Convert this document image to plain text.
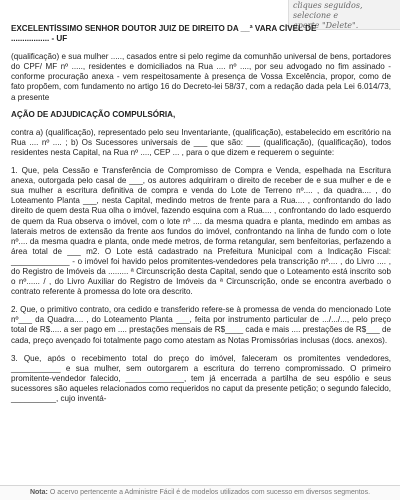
cliques seguidos, selecione e
aperte "Delete".

EXCELENTÍSSIMO SENHOR DOUTOR JUIZ DE DIREITO DA __ª VARA CÍVEL DE

................. - UF

(qualificação) e sua mulher ....., casados entre si pelo regime da comunhão universal de bens, portadores do CPF/ MF nº ....., residentes e domiciliados na Rua .... nº ...., por seu advogado no fim assinado - conforme procuração anexa - vem respeitosamente à presença de Vossa Excelência, propor, como de fato propõem, com fundamento no artigo 16 do Decreto-lei 58/37, com a redação dada pela Lei 6.014/73, a presente

AÇÃO DE ADJUDICAÇÃO COMPULSÓRIA,

contra a) (qualificação), representado pelo seu Inventariante, (qualificação), estabelecido em escritório na Rua .... nº .... ; b) Os Sucessores universais de ___ que são: ___ (qualificação), (qualificação), todos residentes nesta Capital, na Rua nº ...., CEP ... , para o que dizem e requerem o seguinte:

1. Que, pela Cessão e Transferência de Compromisso de Compra e Venda, espelhada na Escritura anexa, outorgada pelo casal de ___, os autores adquiriram o direito de receber de e sua mulher e de e sua mulher a escritura definitiva de compra e venda do Lote de Terreno nº.... , da quadra.... , do Loteamento Planta ___, nesta Capital, medindo metros de frente para a Rua.... , confrontando do lado direito de quem desta Rua olha o imóvel, fazendo esquina com a Rua.... , confrontando do lado esquerdo de quem da Rua observa o imóvel, com o lote nº .... da mesma quadra e planta, medindo em ambas as laterais metros de extensão da frente aos fundos do imóvel, confrontando na linha de fundo com o lote nº.... da mesma quadra e planta, onde mede metros, de forma retangular, sem benfeitorias, perfazendo a área total de ___ m2. O Lote está cadastrado na Prefeitura Municipal com a Indicação Fiscal: _____________ - o imóvel foi havido pelos promitentes-vendedores pela transcrição nº.... , do Livro .... , do Registro de Imóveis da ......... ª Circunscrição desta Capital, sendo que o Loteamento está inscrito sob o nº...... / , do Livro Auxiliar do Registro de Imóveis da ª Circunscrição, onde se encontra averbado o contrato referente à promessa do lote ora descrito.

2. Que, o primitivo contrato, ora cedido e transferido refere-se à promessa de venda do mencionado Lote nº___ da Quadra.... , do Loteamento Planta ___, feita por instrumento particular de .../.../..., pelo preço total de R$..... a ser pago em .... prestações mensais de R$____ cada e mais .... prestações de R$___ de cada, preço avençado foi totalmente pago como atestam as Notas Promissórias inclusas (docs. anexos).

3. Que, após o recebimento total do preço do imóvel, faleceram os promitentes vendedores, ___________ e sua mulher, sem outorgarem a escritura do terreno compromissado. O primeiro promitente-vendedor falecido, _____________, tem já encerrada a partilha de seu espólio e seus sucessores são aqueles relacionados como requeridos no caput da presente petição; o segundo falecido, __________, cujo inventá-

Nota: O acervo pertencente a Administre Fácil é de modelos utilizados com sucesso em diversos segmentos.
